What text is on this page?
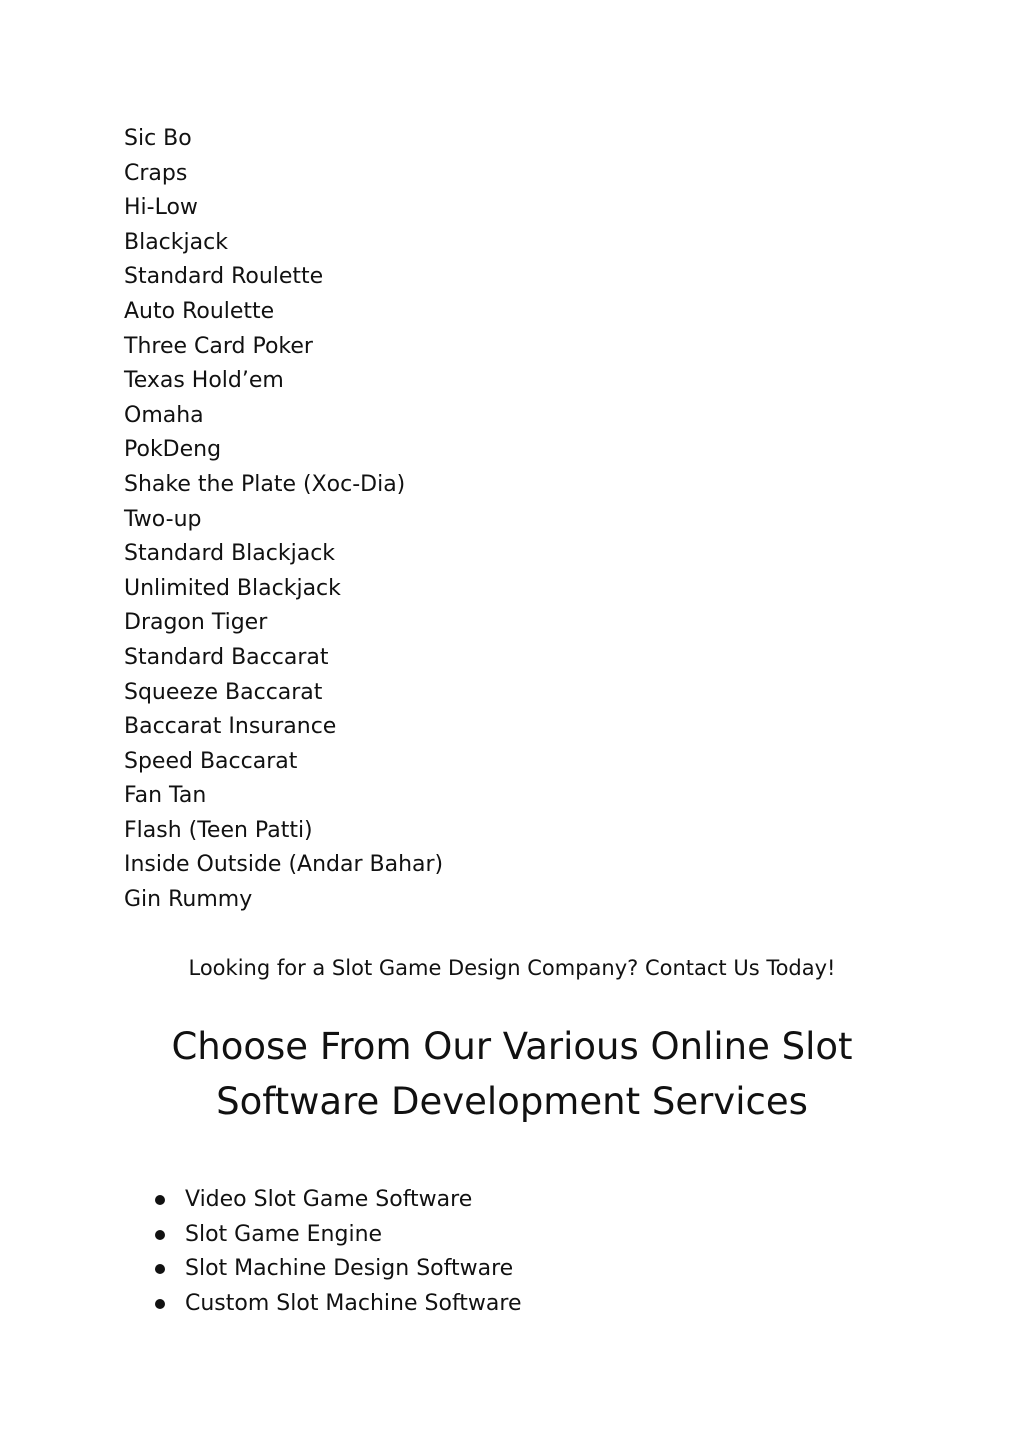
Sic Bo
Craps
Hi-Low
Blackjack
Standard Roulette
Auto Roulette
Three Card Poker
Texas Hold’em
Omaha
PokDeng
Shake the Plate (Xoc-Dia)
Two-up
Standard Blackjack
Unlimited Blackjack
Dragon Tiger
Standard Baccarat
Squeeze Baccarat
Baccarat Insurance
Speed Baccarat
Fan Tan
Flash (Teen Patti)
Inside Outside (Andar Bahar)
Gin Rummy

Looking for a Slot Game Design Company? Contact Us Today!

Choose From Our Various Online Slot Software Development Services
Video Slot Game Software
Slot Game Engine
Slot Machine Design Software
Custom Slot Machine Software
